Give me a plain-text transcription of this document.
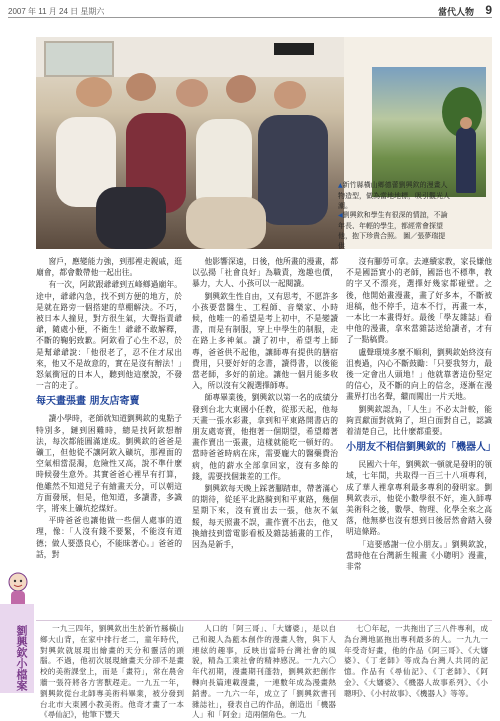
2007 年 11 月 24 日 星期六	當代人物 9
▲新竹縣橫山鄉德蕾劉興欽的漫畫人物造型，做為當地地標，吸引觀光人潮。
◀劉興欽和學生有很深的情誼，不論年長、年輕的學生，都經常會探望他，抱下珍貴合照。 圖／張夢瑞提供

窗戶，應變能力強，到那裡走親戚，逛廟會，都會數帶他一起出往。

有一次，阿欽跟爺爺到五峰鄉過廟年。途中，爺爺內急，找不到方便的地方，於是就在路旁一個搭建的草棚解決。不巧，被日本人撞見，對方很生氣，大聲指責爺爺，隨處小便，不衛生！爺爺不敢解釋，不斷的鞠躬致歉。阿欽看了心生不忍，於是幫爺爺說：「他很老了，忍不住才尿出來，他又不是故意的，實在是沒有辦法！」怒氣衝冠的日本人，聽到他這麼說，不發一言的走了。

每天畫張畫 朋友店寄賣

讀小學時，老師就知道劉興欽的鬼點子特別多，鏈到困難時，總是找阿欽想辦法，每次都能圓滿達成。劉興欽的爸爸是礦工，但他從不讓阿欽入礦坑，那裡面的空氣相當混濁，危險性又高，說不準什麼時候發生意外。其實爸爸心裡早有打算，他雖然不知道兒子有繪畫天分，可以朝這方面發展，但是，他知道，多讀書，多識字，將來上礦坑挖煤好。

平時爸爸也讓他做一些個人處事的道理，像：「人沒有錢不要緊，不能沒有道德；做人要憑良心，不能昧著心。」爸爸的話，對

他影響深遠，日後，他所畫的漫畫，都以弘揚「社會良好」為職責，逸趣也價，暴力，大人、小孩可以一起閱讀。

劉興欽生性自由，又有思考，不愿許多小孩要當醫生、工程師、音樂家、小時候，他唯一的希望是考上初中，不是變讀書，而是有制服，穿上中學生的制服，走在路上多神氣。讀了初中，希望考上師專，爸爸供不起他，讓師專有提供的膳宿費用，只要好好的念書，讀得書，以後能當老師，多好的前途。讓他一個月能多收入，所以沒有父親選擇師專。

師專畢業後，劉興欽以第一名的成績分發到台北大東國小任教，從那天起，他每天畫一張水彩畫，拿到和平東路開書店的朋友處寄賣，他抱著一個期望，希望藉著畫作賣出一張畫，這樣就能吃一頓好的。當時爸爸時病在床，需要龐大的醫藥費治病，他的薪水全部拿回家，沒有多餘的錢，需要找個兼差的工作。

劉興欽每天晚上踩著腳踏車，帶著滿心的期待，從延平北路騎到和平東路，幾個星期下來，沒有賣出去一張，他灰不氣餒，每天照畫不誤，畫作賣不出去，他又換繪技到當電影看板及雜誌插畫的工作，因為是新手，

沒有腳勞可拿。去連續家教，家長嫌他不是國語實小的老師，國語也不標準，教的字又不漂亮，選擇好幾家都碰壁。之後，他開始畫漫畫，畫了好多本，不斷被退稿，他不停手，這本不行，再畫一本，一本比一本畫得好。最後「學友雜誌」看中他的漫畫，拿來當雜誌送給讀者，才有了一點稿費。

盧聲環境多麼不順利，劉興欽始終沒有沮喪過，內心不斷鼓勵：「只要我努力，最後一定會出人頭地！」他就靠著這份堅定的信心，及不斷的向上的信念，逐漸在漫畫界打出名聲，繼而闖出一片天地。

劉興欽認為，「人生」不必太計較，能夠貢獻面對就夠了，坦白面對自己，認識着清楚自己，比什麼都重要。

小朋友不相信劉興欽的「機器人」

民國六十年，劉興欽一頓就是發明的領域，七年間，共取得一百三十八項專利，成了華人裡拿專利最多專利的發明家。劉興欽表示，他從小數學很不好，進入師專美術科之後，數學、物理、化學全來之高落，他無夢也沒有想到日後居然會踏入發明這條路。

「這要感謝一位小朋友。」劉興欽說，當時他在台灣新生報畫《小聰明》漫畫，非常

劉興欽小檔案	一九三四年，劉興欽出生於新竹縣橫山鄉大山背，在家中排行老二，童年時代，對興欽就展現出繪畫的天分和靈活的頭腦。不過，他初次展現繪畫天分卻不是畫校的美術課堂上，而是「畫符」，常在農舍牆一張符將各方害獸趕走。一九五一年，劉興欽從台北師專美術科畢業，被分發到台北市大東國小教美術。他奇才畫了一本《尋仙記》，他筆下豐天

人口的「阿三哥」、「大嬸婆」，是以自己和親人為藍本創作的漫畫人物，與下人連絃的趣事，反映出當時台灣社會的風貌，精為工業社會的精神感況。一九六〇年代初期，漫畫期刊蓬勃，劉興欽把創作轉向長篇連載漫畫，一連數年成為漫畫熱銷書。一九六一年，成立了「劉興欽書刊雜誌社」，發表自己的作品，創造出「機器人」和「阿金」這兩個角色。一九

七〇年起，一共拖出了三八件專利，成為台灣地區拖出專利最多的人。一九九一年受奇好畫，他的作品《阿三哥》、《大嬸婆》、《丁老師》等成為台灣人共同的記憶。作品有《尋仙記》、《丁老師》、《阿金》、《大嬸婆》、《機器人故事系列》、《小聰明》、《小村故事》、《機器人》等等。
